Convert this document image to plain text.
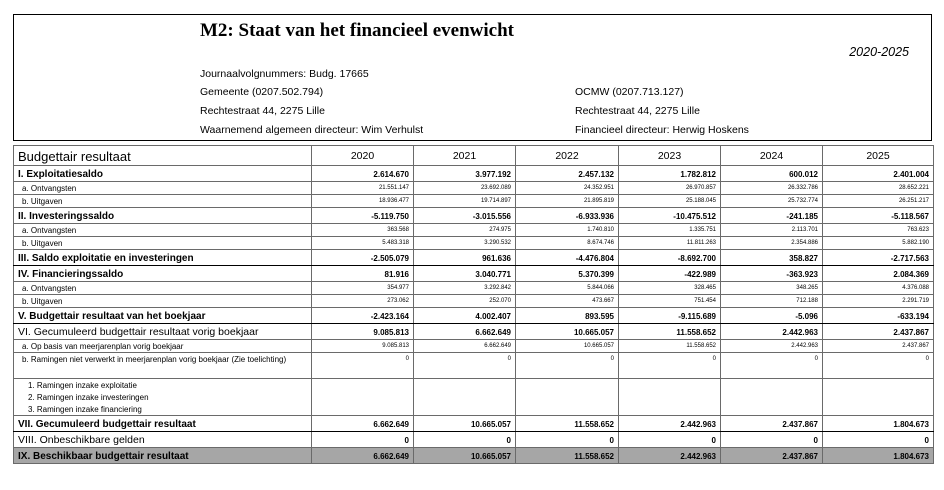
M2: Staat van het financieel evenwicht
2020-2025
Journaalvolgnummers: Budg. 17665
Gemeente (0207.502.794)	OCMW (0207.713.127)
Rechtestraat 44, 2275 Lille	Rechtestraat 44, 2275 Lille
Waarnemend algemeen directeur: Wim Verhulst	Financieel directeur: Herwig Hoskens
Budgettair resultaat	2020	2021	2022	2023	2024	2025
I. Exploitatiesaldo	2.614.670	3.977.192	2.457.132	1.782.812	600.012	2.401.004
a. Ontvangsten	21.551.147	23.692.089	24.352.951	26.970.857	26.332.786	28.652.221
b. Uitgaven	18.936.477	19.714.897	21.895.819	25.188.045	25.732.774	26.251.217
II. Investeringssaldo	-5.119.750	-3.015.556	-6.933.936	-10.475.512	-241.185	-5.118.567
a. Ontvangsten	363.568	274.975	1.740.810	1.335.751	2.113.701	763.623
b. Uitgaven	5.483.318	3.290.532	8.674.746	11.811.263	2.354.886	5.882.190
III. Saldo exploitatie en investeringen	-2.505.079	961.636	-4.476.804	-8.692.700	358.827	-2.717.563
IV. Financieringssaldo	81.916	3.040.771	5.370.399	-422.989	-363.923	2.084.369
a. Ontvangsten	354.977	3.292.842	5.844.066	328.465	348.265	4.376.088
b. Uitgaven	273.062	252.070	473.667	751.454	712.188	2.291.719
V. Budgettair resultaat van het boekjaar	-2.423.164	4.002.407	893.595	-9.115.689	-5.096	-633.194
VI. Gecumuleerd budgettair resultaat vorig boekjaar	9.085.813	6.662.649	10.665.057	11.558.652	2.442.963	2.437.867
a. Op basis van meerjarenplan vorig boekjaar	9.085.813	6.662.649	10.665.057	11.558.652	2.442.963	2.437.867
b. Ramingen niet verwerkt in meerjarenplan vorig boekjaar (Zie toelichting)	0	0	0	0	0	0
1. Ramingen inzake exploitatie						
2. Ramingen inzake investeringen						
3. Ramingen inzake financiering						
VII. Gecumuleerd budgettair resultaat	6.662.649	10.665.057	11.558.652	2.442.963	2.437.867	1.804.673
VIII. Onbeschikbare gelden	0	0	0	0	0	0
IX. Beschikbaar budgettair resultaat	6.662.649	10.665.057	11.558.652	2.442.963	2.437.867	1.804.673
